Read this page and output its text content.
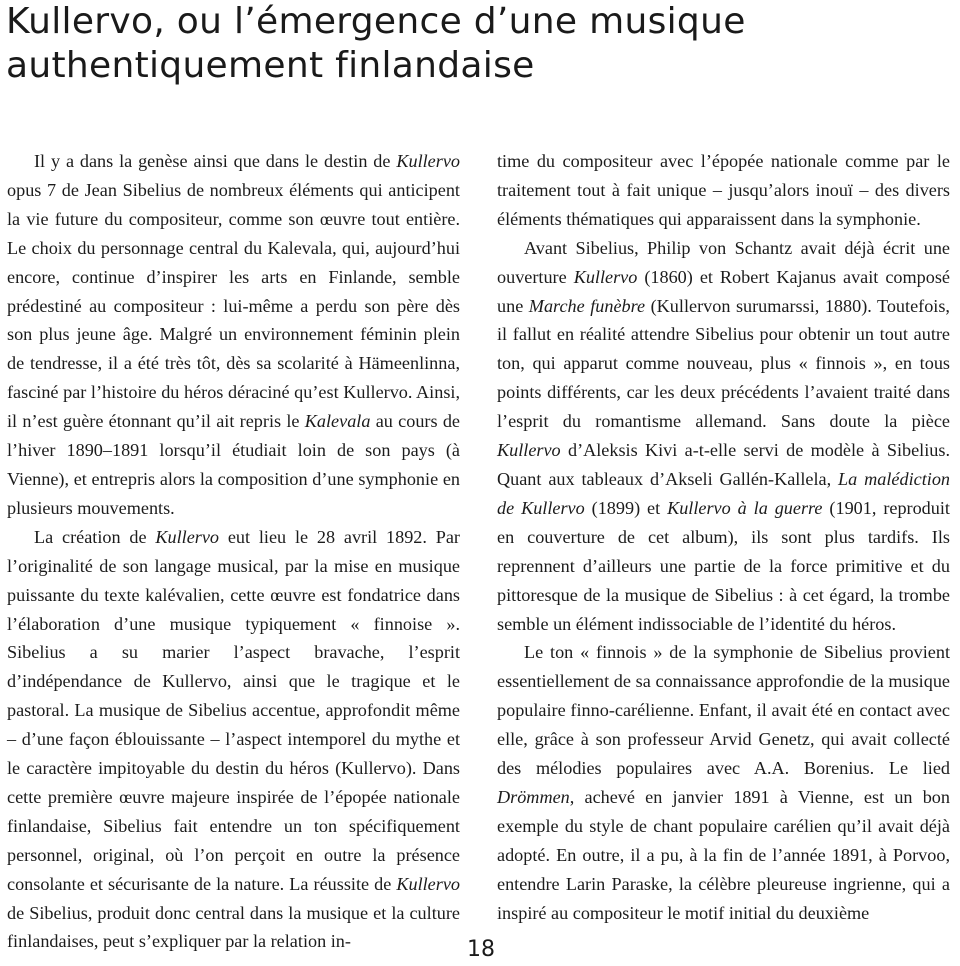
Kullervo, ou l’émergence d’une musique authentiquement finlandaise

Il y a dans la genèse ainsi que dans le destin de Kullervo opus 7 de Jean Sibelius de nombreux éléments qui anticipent la vie future du compositeur, comme son œuvre tout entière. Le choix du personnage central du Kalevala, qui, aujourd’hui encore, continue d’inspirer les arts en Finlande, semble prédestiné au compositeur : lui-même a perdu son père dès son plus jeune âge. Malgré un environnement féminin plein de tendresse, il a été très tôt, dès sa scolarité à Hämeenlinna, fasciné par l’histoire du héros déraciné qu’est Kullervo. Ainsi, il n’est guère étonnant qu’il ait repris le Kalevala au cours de l’hiver 1890–1891 lorsqu’il étudiait loin de son pays (à Vienne), et entrepris alors la composition d’une symphonie en plusieurs mouvements.

La création de Kullervo eut lieu le 28 avril 1892. Par l’originalité de son langage musical, par la mise en musique puissante du texte kalévalien, cette œuvre est fondatrice dans l’élaboration d’une musique typiquement « finnoise ». Sibelius a su marier l’aspect bravache, l’esprit d’indépendance de Kullervo, ainsi que le tragique et le pastoral. La musique de Sibelius accentue, approfondit même – d’une façon éblouissante – l’aspect intemporel du mythe et le caractère impitoyable du destin du héros (Kullervo). Dans cette première œuvre majeure inspirée de l’épopée nationale finlandaise, Sibelius fait entendre un ton spécifiquement personnel, original, où l’on perçoit en outre la présence consolante et sécurisante de la nature. La réussite de Kullervo de Sibelius, produit donc central dans la musique et la culture finlandaises, peut s’expliquer par la relation in-

time du compositeur avec l’épopée nationale comme par le traitement tout à fait unique – jusqu’alors inouï – des divers éléments thématiques qui apparaissent dans la symphonie.

Avant Sibelius, Philip von Schantz avait déjà écrit une ouverture Kullervo (1860) et Robert Kajanus avait composé une Marche funèbre (Kullervon surumarssi, 1880). Toutefois, il fallut en réalité attendre Sibelius pour obtenir un tout autre ton, qui apparut comme nouveau, plus « finnois », en tous points différents, car les deux précédents l’avaient traité dans l’esprit du romantisme allemand. Sans doute la pièce Kullervo d’Aleksis Kivi a-t-elle servi de modèle à Sibelius. Quant aux tableaux d’Akseli Gallén-Kallela, La malédiction de Kullervo (1899) et Kullervo à la guerre (1901, reproduit en couverture de cet album), ils sont plus tardifs. Ils reprennent d’ailleurs une partie de la force primitive et du pittoresque de la musique de Sibelius : à cet égard, la trombe semble un élément indissociable de l’identité du héros.

Le ton « finnois » de la symphonie de Sibelius provient essentiellement de sa connaissance approfondie de la musique populaire finno-carélienne. Enfant, il avait été en contact avec elle, grâce à son professeur Arvid Genetz, qui avait collecté des mélodies populaires avec A.A. Borenius. Le lied Drömmen, achevé en janvier 1891 à Vienne, est un bon exemple du style de chant populaire carélien qu’il avait déjà adopté. En outre, il a pu, à la fin de l’année 1891, à Porvoo, entendre Larin Paraske, la célèbre pleureuse ingrienne, qui a inspiré au compositeur le motif initial du deuxième

18
